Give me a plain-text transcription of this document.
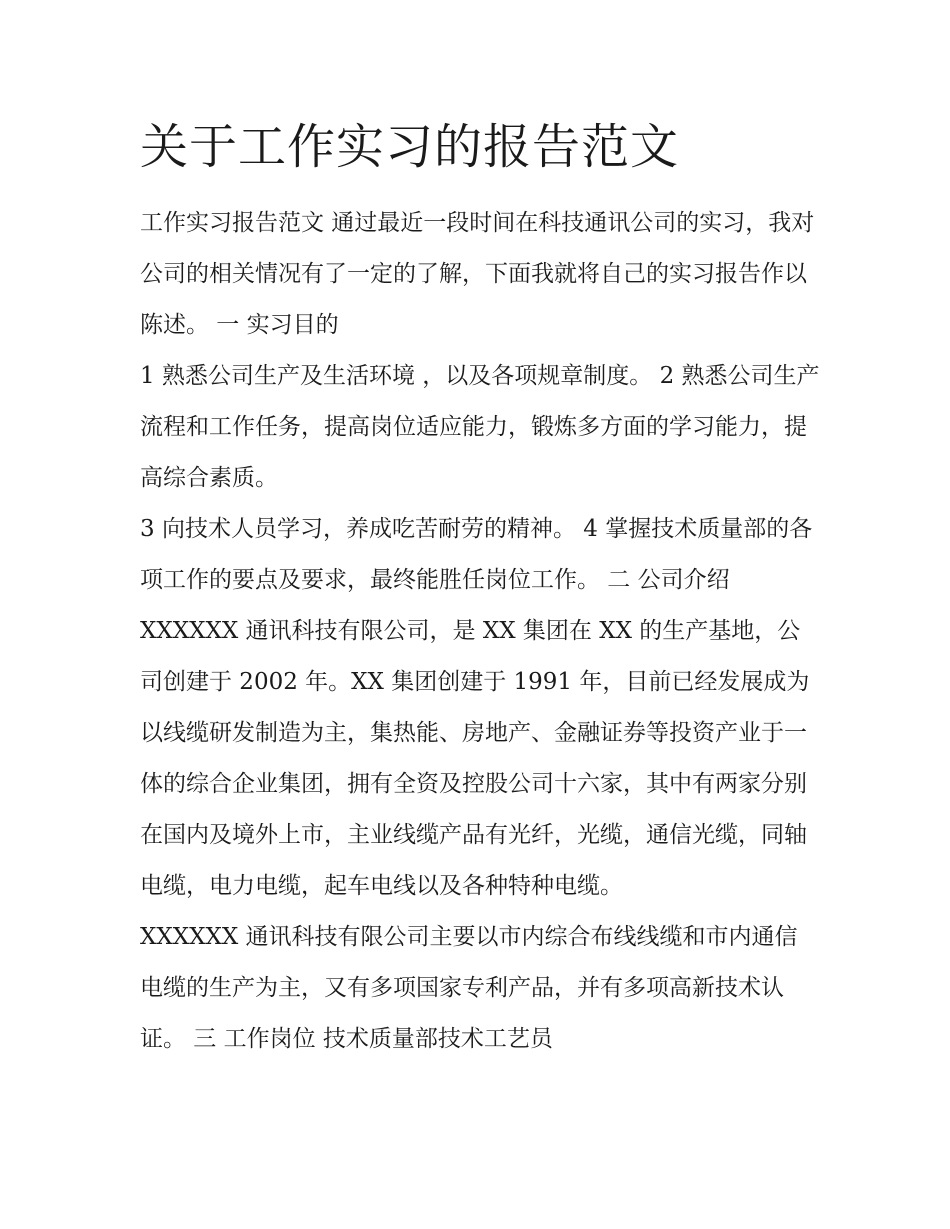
关于工作实习的报告范文

工作实习报告范文 通过最近一段时间在科技通讯公司的实习，我对公司的相关情况有了一定的了解，下面我就将自己的实习报告作以陈述。 一 实习目的

1 熟悉公司生产及生活环境 ，以及各项规章制度。 2 熟悉公司生产流程和工作任务，提高岗位适应能力，锻炼多方面的学习能力，提高综合素质。

3 向技术人员学习，养成吃苦耐劳的精神。 4 掌握技术质量部的各项工作的要点及要求，最终能胜任岗位工作。 二 公司介绍

XXXXXX 通讯科技有限公司，是 XX 集团在 XX 的生产基地，公司创建于 2002 年。XX 集团创建于 1991 年，目前已经发展成为以线缆研发制造为主，集热能、房地产、金融证券等投资产业于一体的综合企业集团，拥有全资及控股公司十六家，其中有两家分别在国内及境外上市，主业线缆产品有光纤，光缆，通信光缆，同轴电缆，电力电缆，起车电线以及各种特种电缆。

XXXXXX 通讯科技有限公司主要以市内综合布线线缆和市内通信电缆的生产为主，又有多项国家专利产品，并有多项高新技术认证。 三 工作岗位 技术质量部技术工艺员
